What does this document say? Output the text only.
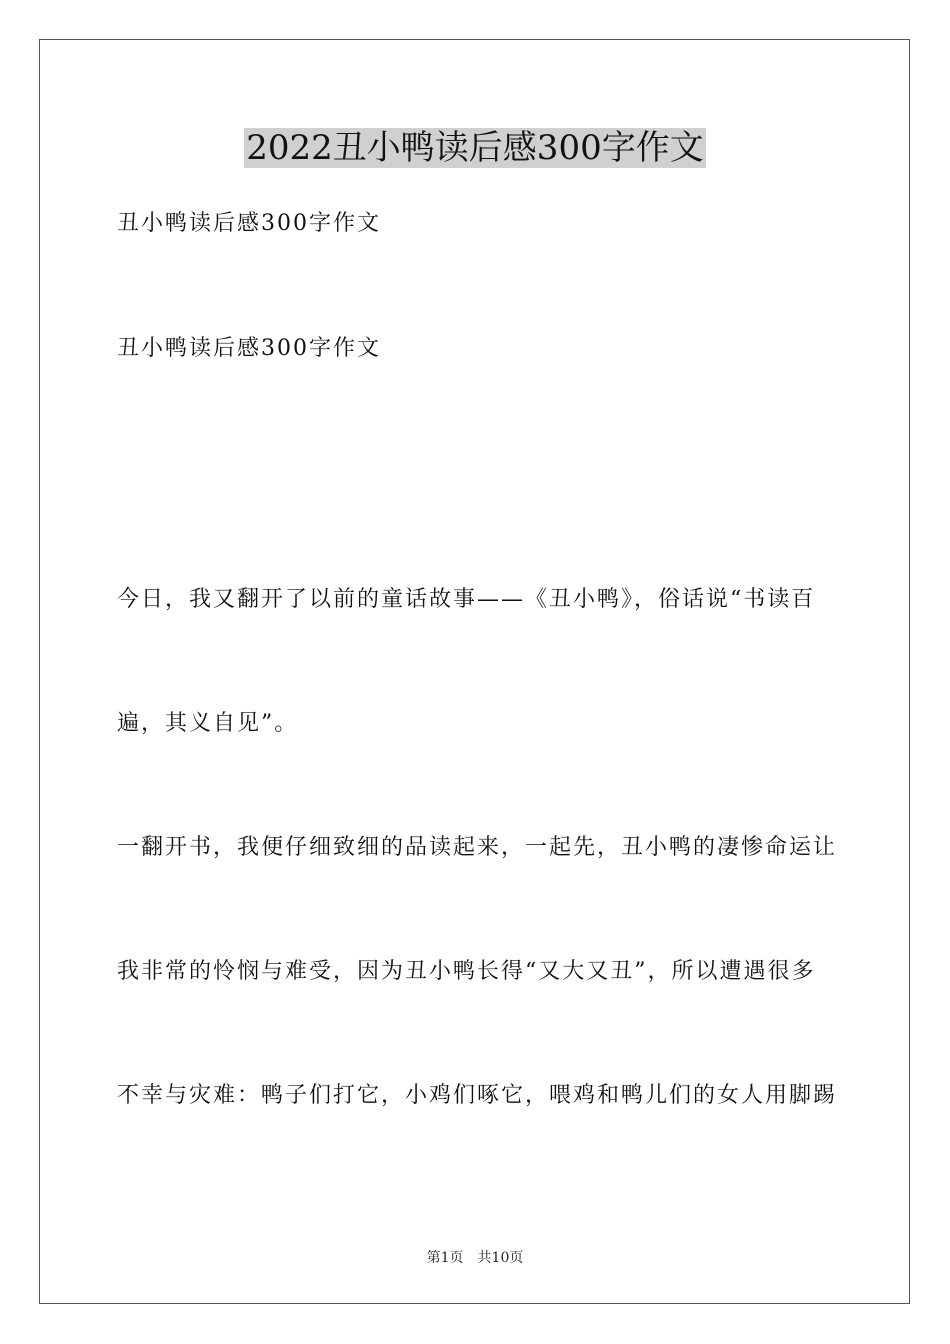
2022丑小鸭读后感300字作文
丑小鸭读后感300字作文
丑小鸭读后感300字作文
今日，我又翻开了以前的童话故事——《丑小鸭》，俗话说“书读百
遍，其义自见”。
一翻开书，我便仔细致细的品读起来，一起先，丑小鸭的凄惨命运让
我非常的怜悯与难受，因为丑小鸭长得“又大又丑”，所以遭遇很多
不幸与灾难：鸭子们打它，小鸡们啄它，喂鸡和鸭儿们的女人用脚踢
第1页 共10页
